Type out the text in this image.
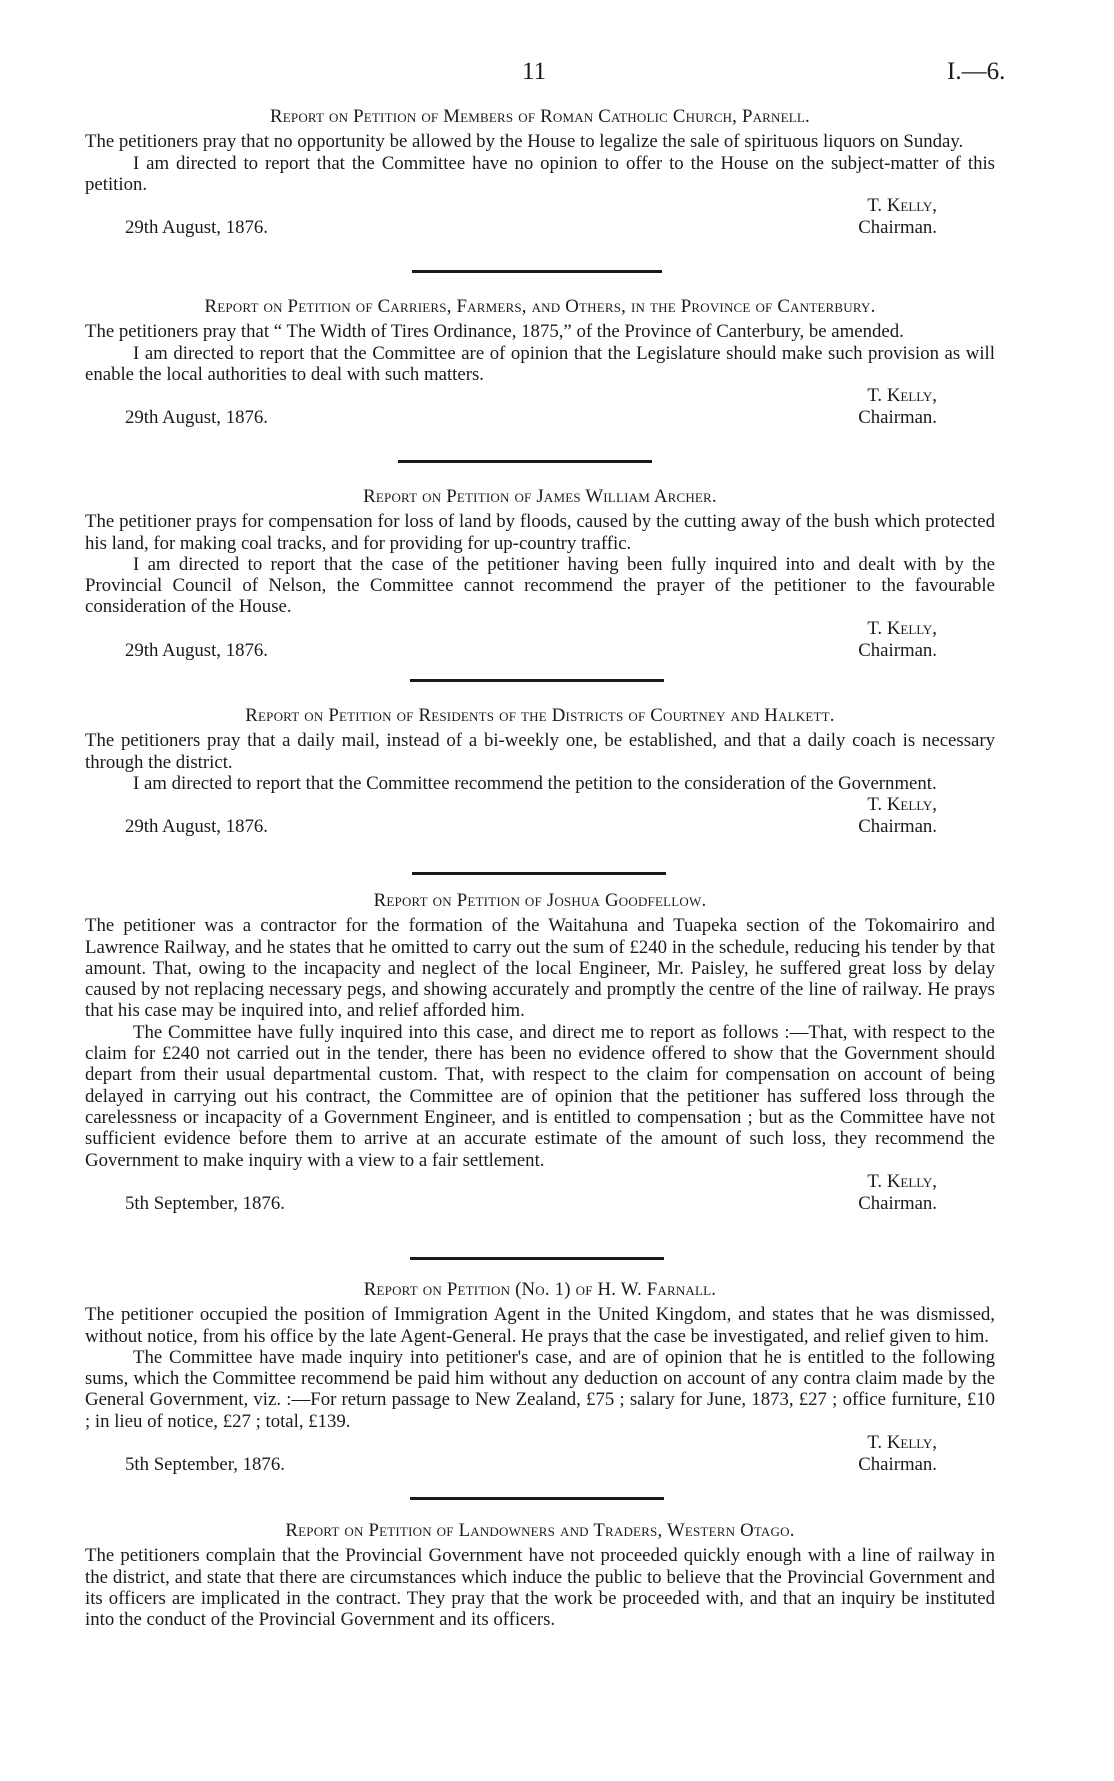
11	I.—6.
Report on Petition of Members of Roman Catholic Church, Parnell.

The petitioners pray that no opportunity be allowed by the House to legalize the sale of spirituous liquors on Sunday.

I am directed to report that the Committee have no opinion to offer to the House on the subject-matter of this petition.

T. Kelly,
29th August, 1876.	Chairman.
Report on Petition of Carriers, Farmers, and Others, in the Province of Canterbury.

The petitioners pray that “ The Width of Tires Ordinance, 1875,” of the Province of Canterbury, be amended.

I am directed to report that the Committee are of opinion that the Legislature should make such provision as will enable the local authorities to deal with such matters.

T. Kelly,
29th August, 1876.	Chairman.
Report on Petition of James William Archer.

The petitioner prays for compensation for loss of land by floods, caused by the cutting away of the bush which protected his land, for making coal tracks, and for providing for up-country traffic.

I am directed to report that the case of the petitioner having been fully inquired into and dealt with by the Provincial Council of Nelson, the Committee cannot recommend the prayer of the petitioner to the favourable consideration of the House.

T. Kelly,
29th August, 1876.	Chairman.
Report on Petition of Residents of the Districts of Courtney and Halkett.

The petitioners pray that a daily mail, instead of a bi-weekly one, be established, and that a daily coach is necessary through the district.

I am directed to report that the Committee recommend the petition to the consideration of the Government.

T. Kelly,
29th August, 1876.	Chairman.
Report on Petition of Joshua Goodfellow.

The petitioner was a contractor for the formation of the Waitahuna and Tuapeka section of the Tokomairiro and Lawrence Railway, and he states that he omitted to carry out the sum of £240 in the schedule, reducing his tender by that amount. That, owing to the incapacity and neglect of the local Engineer, Mr. Paisley, he suffered great loss by delay caused by not replacing necessary pegs, and showing accurately and promptly the centre of the line of railway. He prays that his case may be inquired into, and relief afforded him.

The Committee have fully inquired into this case, and direct me to report as follows :—That, with respect to the claim for £240 not carried out in the tender, there has been no evidence offered to show that the Government should depart from their usual departmental custom. That, with respect to the claim for compensation on account of being delayed in carrying out his contract, the Committee are of opinion that the petitioner has suffered loss through the carelessness or incapacity of a Government Engineer, and is entitled to compensation ; but as the Committee have not sufficient evidence before them to arrive at an accurate estimate of the amount of such loss, they recommend the Government to make inquiry with a view to a fair settlement.

T. Kelly,
5th September, 1876.	Chairman.
Report on Petition (No. 1) of H. W. Farnall.

The petitioner occupied the position of Immigration Agent in the United Kingdom, and states that he was dismissed, without notice, from his office by the late Agent-General. He prays that the case be investigated, and relief given to him.

The Committee have made inquiry into petitioner's case, and are of opinion that he is entitled to the following sums, which the Committee recommend be paid him without any deduction on account of any contra claim made by the General Government, viz. :—For return passage to New Zealand, £75 ; salary for June, 1873, £27 ; office furniture, £10 ; in lieu of notice, £27 ; total, £139.

T. Kelly,
5th September, 1876.	Chairman.
Report on Petition of Landowners and Traders, Western Otago.

The petitioners complain that the Provincial Government have not proceeded quickly enough with a line of railway in the district, and state that there are circumstances which induce the public to believe that the Provincial Government and its officers are implicated in the contract. They pray that the work be proceeded with, and that an inquiry be instituted into the conduct of the Provincial Government and its officers.
